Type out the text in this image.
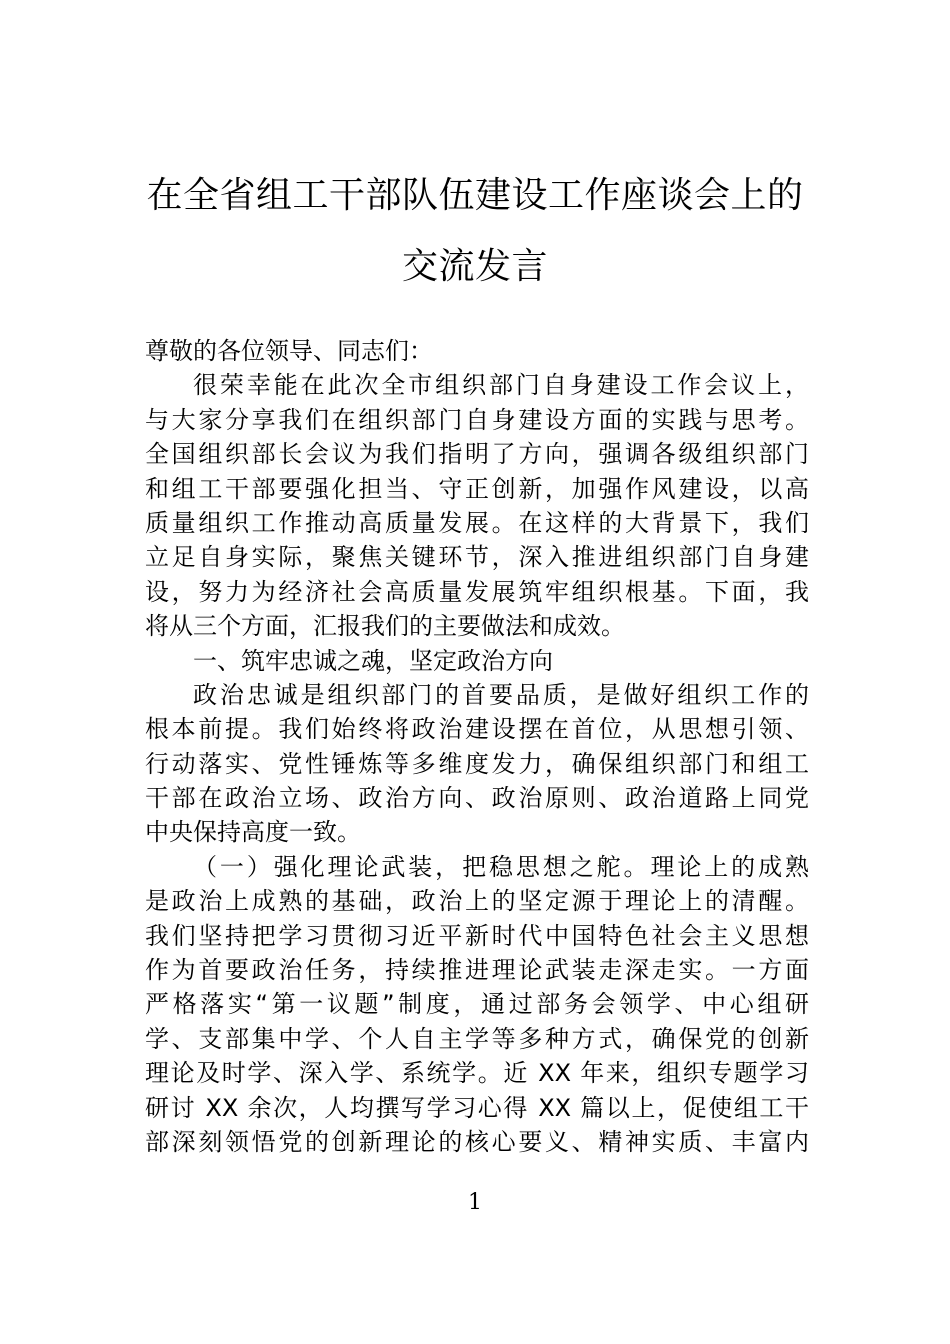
在全省组工干部队伍建设工作座谈会上的
交流发言
尊敬的各位领导、同志们：
很荣幸能在此次全市组织部门自身建设工作会议上，
与大家分享我们在组织部门自身建设方面的实践与思考。
全国组织部长会议为我们指明了方向，强调各级组织部门
和组工干部要强化担当、守正创新，加强作风建设，以高
质量组织工作推动高质量发展。在这样的大背景下，我们
立足自身实际，聚焦关键环节，深入推进组织部门自身建
设，努力为经济社会高质量发展筑牢组织根基。下面，我
将从三个方面，汇报我们的主要做法和成效。
一、筑牢忠诚之魂，坚定政治方向
政治忠诚是组织部门的首要品质，是做好组织工作的
根本前提。我们始终将政治建设摆在首位，从思想引领、
行动落实、党性锤炼等多维度发力，确保组织部门和组工
干部在政治立场、政治方向、政治原则、政治道路上同党
中央保持高度一致。
（一）强化理论武装，把稳思想之舵。理论上的成熟
是政治上成熟的基础，政治上的坚定源于理论上的清醒。
我们坚持把学习贯彻习近平新时代中国特色社会主义思想
作为首要政治任务，持续推进理论武装走深走实。一方面
严格落实“第一议题”制度，通过部务会领学、中心组研
学、支部集中学、个人自主学等多种方式，确保党的创新
理论及时学、深入学、系统学。近 XX 年来，组织专题学习
研讨 XX 余次，人均撰写学习心得 XX 篇以上，促使组工干
部深刻领悟党的创新理论的核心要义、精神实质、丰富内
1
